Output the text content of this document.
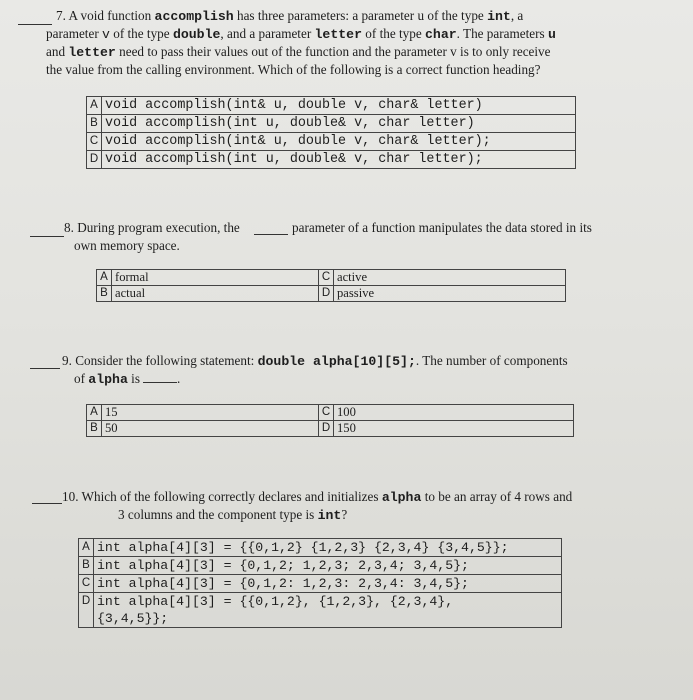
7. A void function accomplish has three parameters: a parameter u of the type int, a
parameter v of the type double, and a parameter letter of the type char. The parameters u
and letter need to pass their values out of the function and the parameter v is to only receive
the value from the calling environment. Which of the following is a correct function heading?
A	void accomplish(int& u, double v, char& letter)
B	void accomplish(int u, double& v, char letter)
C	void accomplish(int& u, double v, char& letter);
D	void accomplish(int u, double& v, char letter);
8. During program execution, the	parameter of a function manipulates the data stored in its
own memory space.
A	formal	C	active
B	actual	D	passive
9. Consider the following statement: double alpha[10][5];. The number of components
of alpha is	.
A	15	C	100
B	50	D	150
10. Which of the following correctly declares and initializes alpha to be an array of 4 rows and
3 columns and the component type is int?
A	int alpha[4][3] = {{0,1,2} {1,2,3} {2,3,4} {3,4,5}};
B	int alpha[4][3] = {0,1,2; 1,2,3; 2,3,4; 3,4,5};
C	int alpha[4][3] = {0,1,2: 1,2,3: 2,3,4: 3,4,5};
D	int alpha[4][3] = {{0,1,2}, {1,2,3}, {2,3,4},
	{3,4,5}};
